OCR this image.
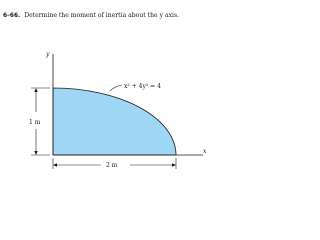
6–66. Determine the moment of inertia about the y axis.
y
x
x² + 4y² = 4
1 m
2 m
